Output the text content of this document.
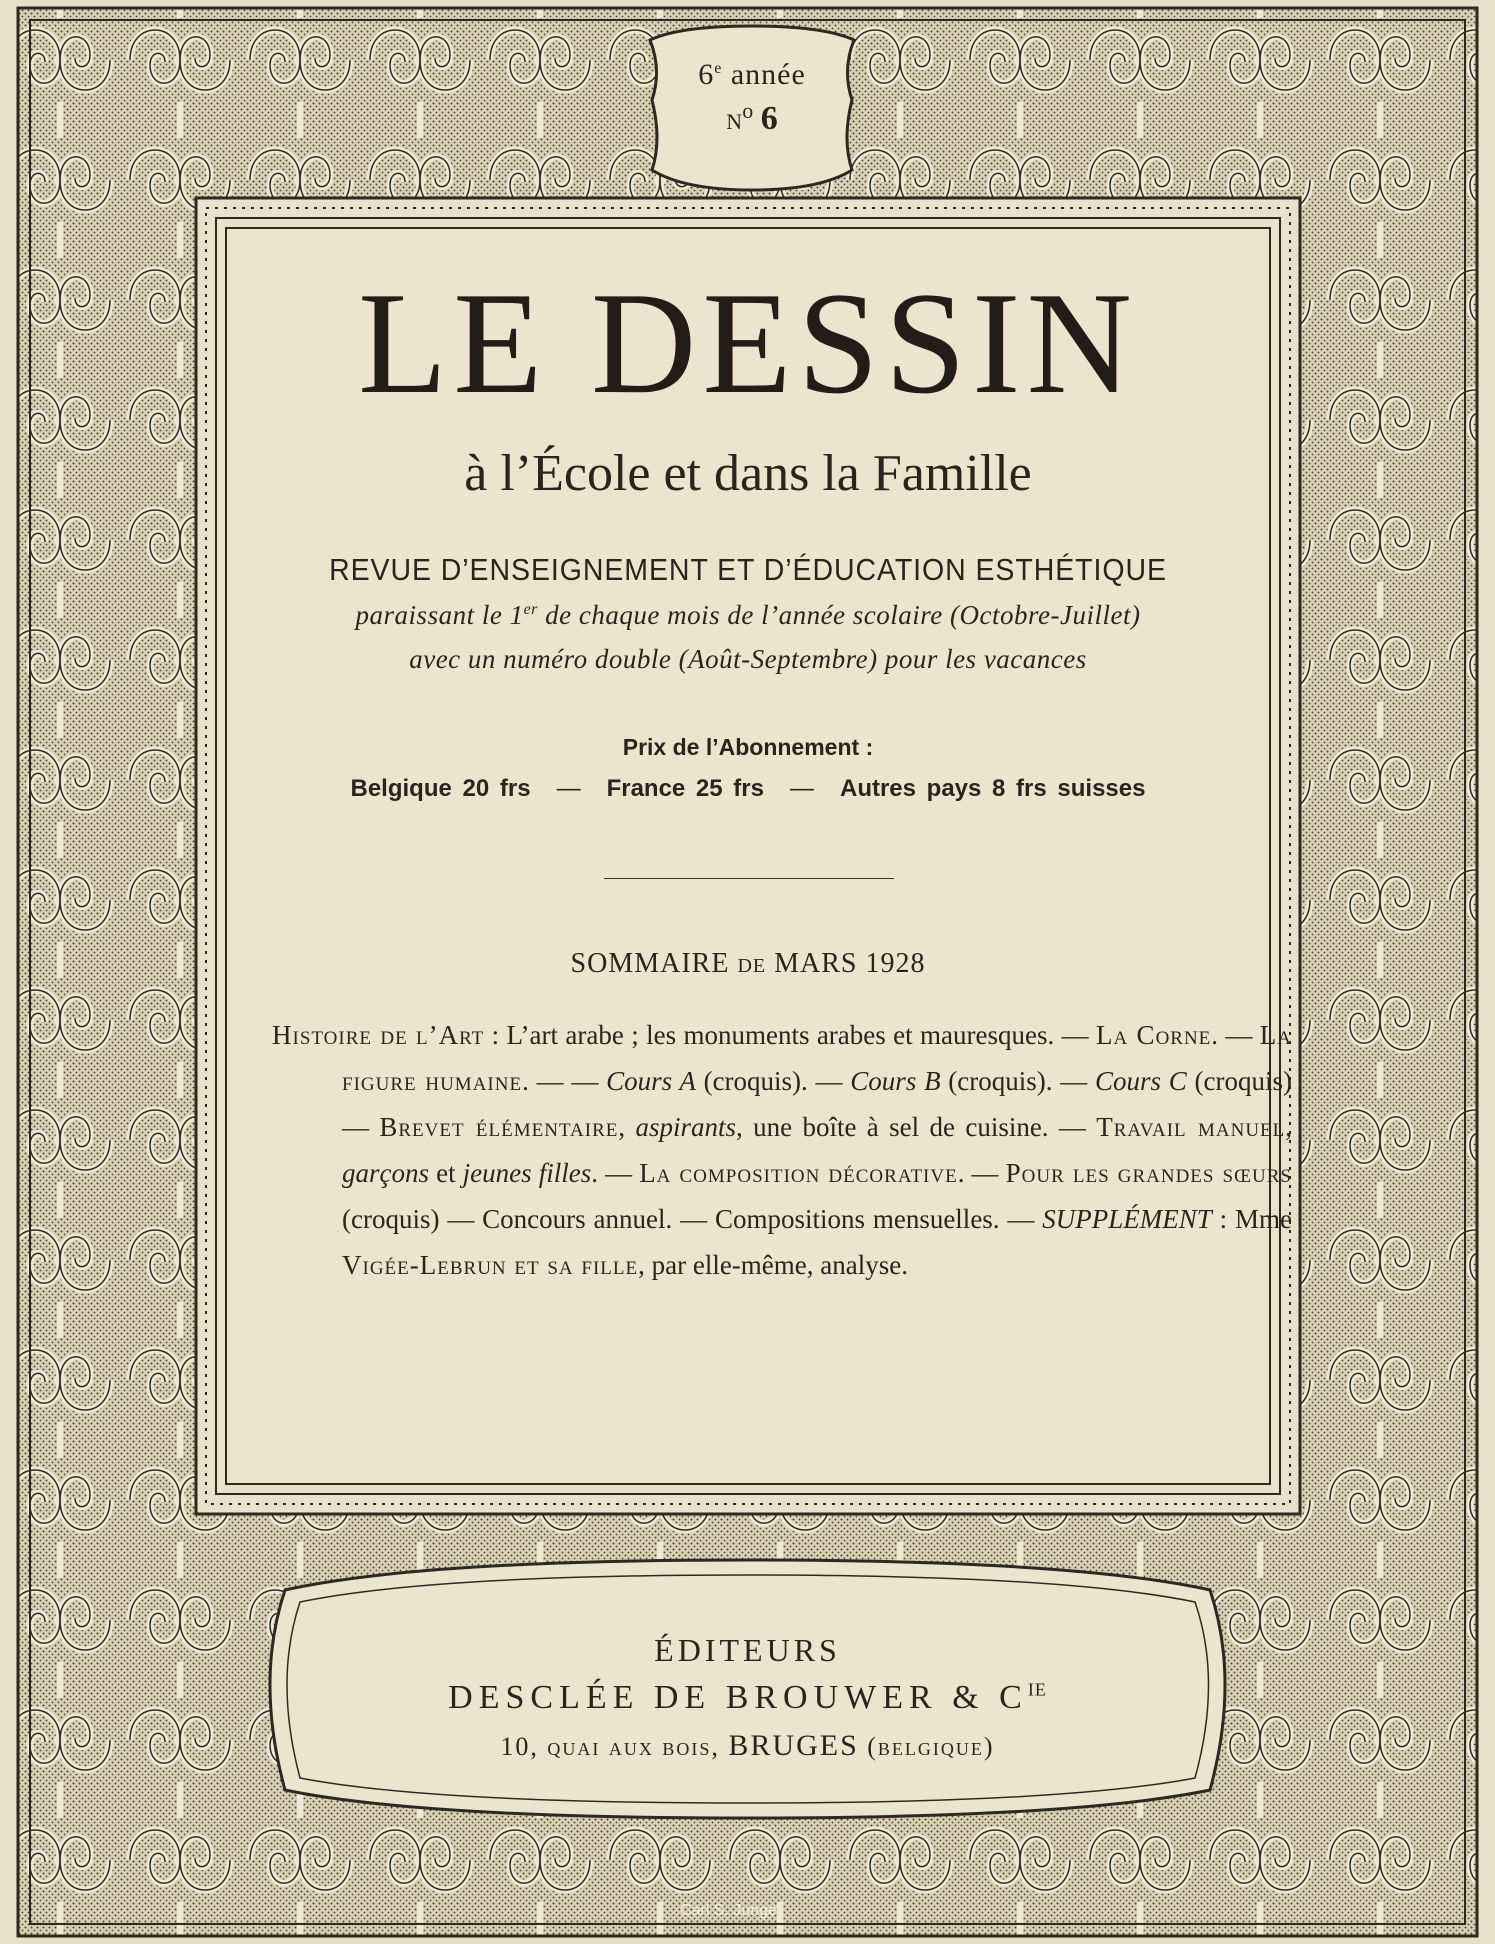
6e année
$N^o$ 6
LE DESSIN
à l’École et dans la Famille
REVUE D’ENSEIGNEMENT ET D’ÉDUCATION ESTHÉTIQUE
paraissant le 1er de chaque mois de l’année scolaire (Octobre-Juillet)
avec un numéro double (Août-Septembre) pour les vacances
Prix de l’Abonnement :
Belgique 20 frs — France 25 frs — Autres pays 8 frs suisses
SOMMAIRE DE MARS 1928
Histoire de l’Art : L’art arabe ; les monuments arabes et mauresques. — La Corne. — La figure humaine. — — Cours A (croquis). — Cours B (croquis). — Cours C (croquis) — Brevet élémentaire, aspirants, une boîte à sel de cuisine. — Travail manuel, garçons et jeunes filles. — La composition décorative. — Pour les grandes sœurs (croquis) — Concours annuel. — Compositions mensuelles. — SUPPLÉMENT : Mme Vigée-Lebrun et sa fille, par elle-même, analyse.
ÉDITEURS
DESCLÉE DE BROUWER & $C^{IE}$
10, quai aux bois, BRUGES (belgique)
Carl S. Junge
